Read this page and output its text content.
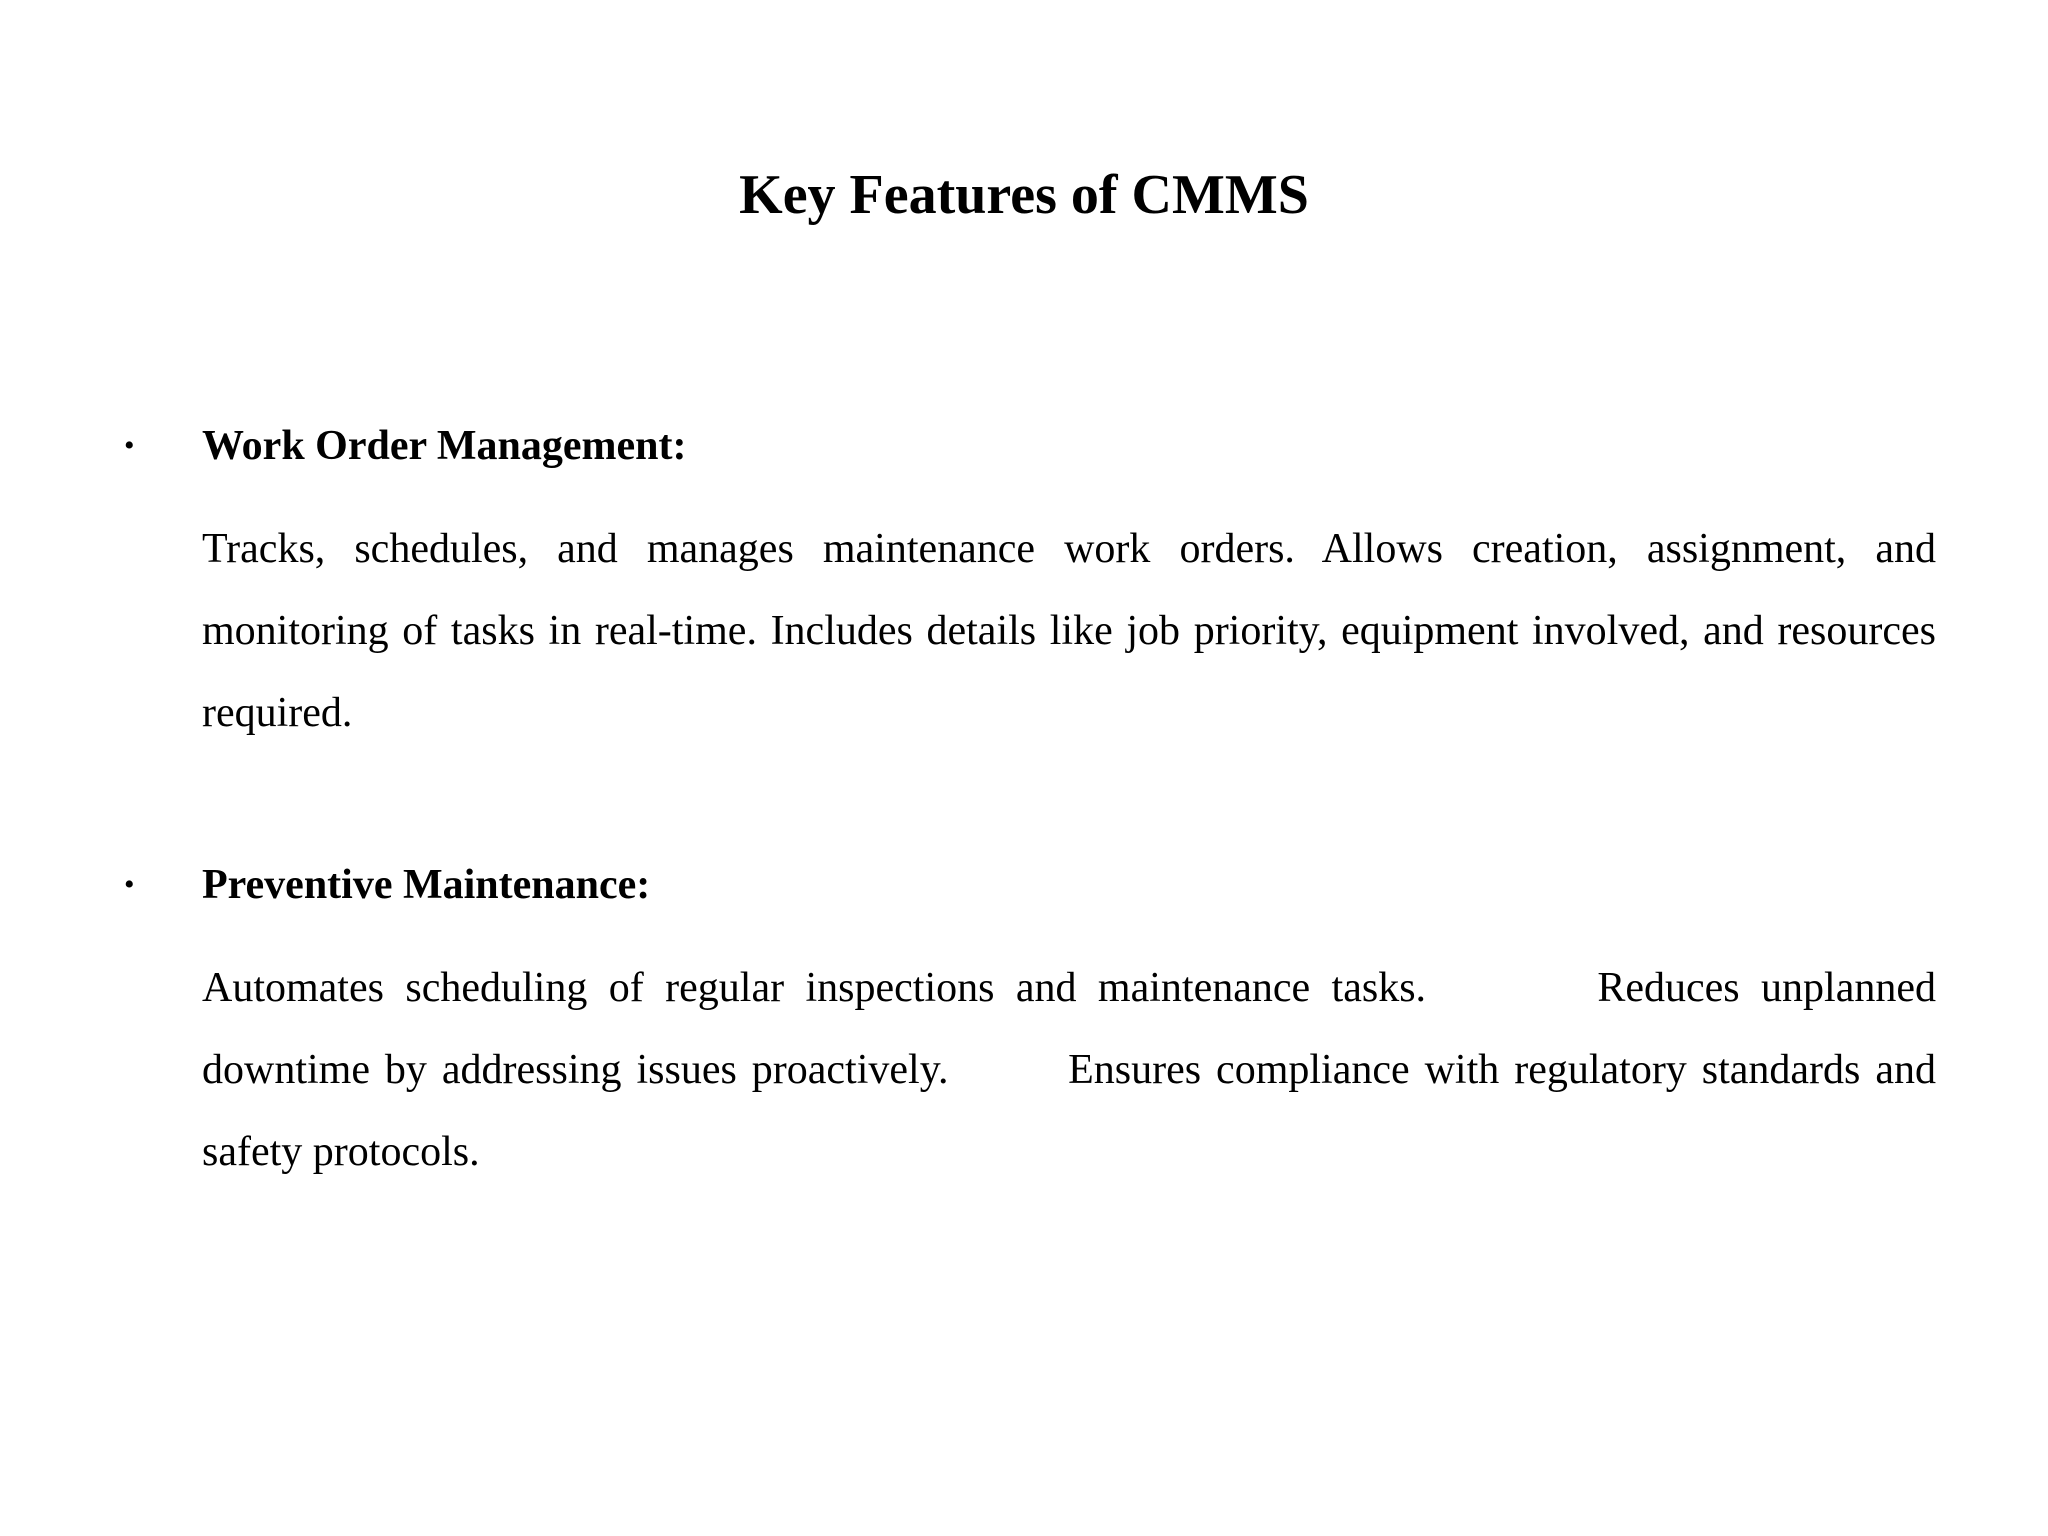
Key Features of CMMS
• Work Order Management:

Tracks, schedules, and manages maintenance work orders. Allows creation, assignment, and monitoring of tasks in real-time. Includes details like job priority, equipment involved, and resources required.

• Preventive Maintenance:

Automates scheduling of regular inspections and maintenance tasks.        Reduces unplanned downtime by addressing issues proactively.        Ensures compliance with regulatory standards and safety protocols.
